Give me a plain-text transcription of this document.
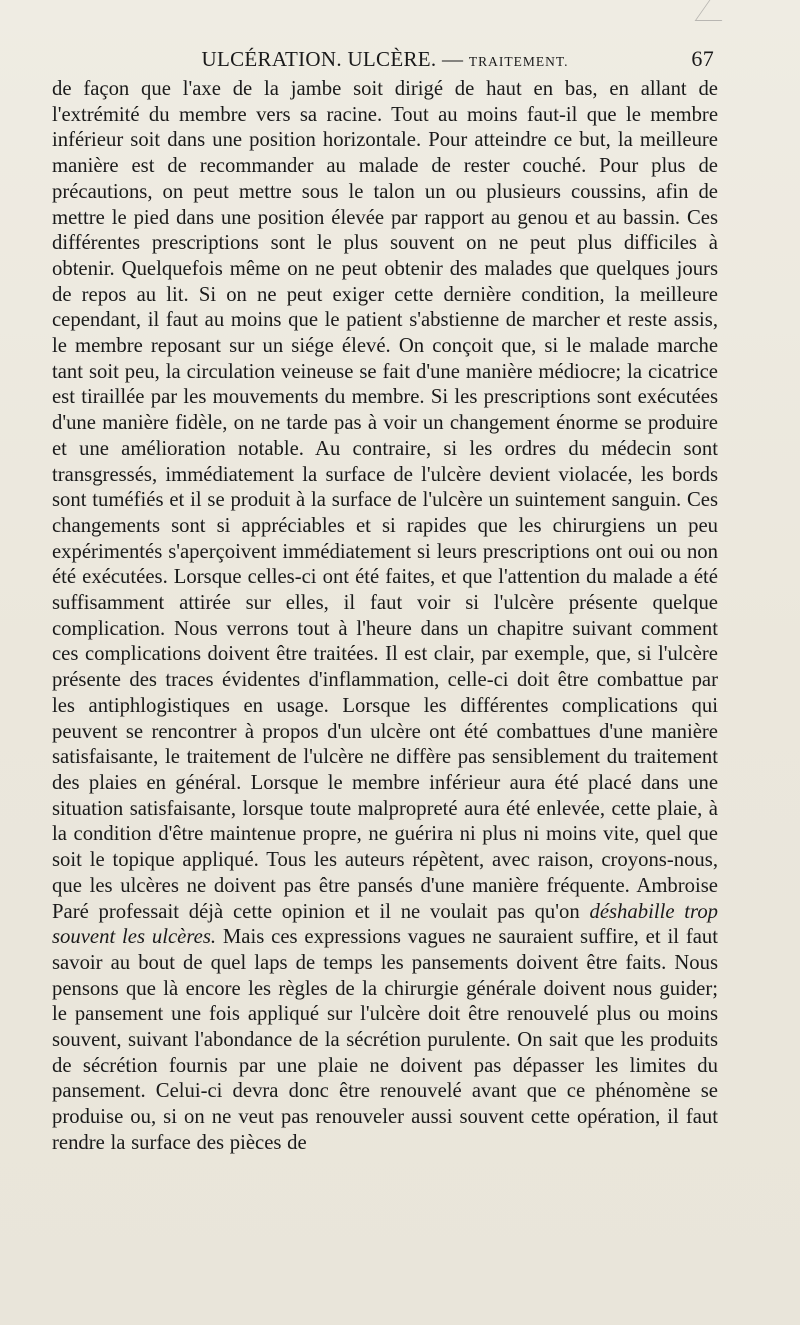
ULCÉRATION. ULCÈRE. — TRAITEMENT.	67

de façon que l'axe de la jambe soit dirigé de haut en bas, en allant de l'extrémité du membre vers sa racine. Tout au moins faut-il que le membre inférieur soit dans une position horizontale. Pour atteindre ce but, la meilleure manière est de recommander au malade de rester couché. Pour plus de précautions, on peut mettre sous le talon un ou plusieurs coussins, afin de mettre le pied dans une position élevée par rapport au genou et au bassin. Ces différentes prescriptions sont le plus souvent on ne peut plus difficiles à obtenir. Quelquefois même on ne peut obtenir des malades que quelques jours de repos au lit. Si on ne peut exiger cette dernière condition, la meilleure cependant, il faut au moins que le patient s'abstienne de marcher et reste assis, le membre reposant sur un siége élevé. On conçoit que, si le malade marche tant soit peu, la circulation veineuse se fait d'une manière médiocre; la cicatrice est tiraillée par les mouvements du membre. Si les prescriptions sont exécutées d'une manière fidèle, on ne tarde pas à voir un changement énorme se produire et une amélioration notable. Au contraire, si les ordres du médecin sont transgressés, immédiatement la surface de l'ulcère devient violacée, les bords sont tuméfiés et il se produit à la surface de l'ulcère un suintement sanguin. Ces changements sont si appréciables et si rapides que les chirurgiens un peu expérimentés s'aperçoivent immédiatement si leurs prescriptions ont oui ou non été exécutées. Lorsque celles-ci ont été faites, et que l'attention du malade a été suffisamment attirée sur elles, il faut voir si l'ulcère présente quelque complication. Nous verrons tout à l'heure dans un chapitre suivant comment ces complications doivent être traitées. Il est clair, par exemple, que, si l'ulcère présente des traces évidentes d'inflammation, celle-ci doit être combattue par les antiphlogistiques en usage. Lorsque les différentes complications qui peuvent se rencontrer à propos d'un ulcère ont été combattues d'une manière satisfaisante, le traitement de l'ulcère ne diffère pas sensiblement du traitement des plaies en général. Lorsque le membre inférieur aura été placé dans une situation satisfaisante, lorsque toute malpropreté aura été enlevée, cette plaie, à la condition d'être maintenue propre, ne guérira ni plus ni moins vite, quel que soit le topique appliqué. Tous les auteurs répètent, avec raison, croyons-nous, que les ulcères ne doivent pas être pansés d'une manière fréquente. Ambroise Paré professait déjà cette opinion et il ne voulait pas qu'on déshabille trop souvent les ulcères. Mais ces expressions vagues ne sauraient suffire, et il faut savoir au bout de quel laps de temps les pansements doivent être faits. Nous pensons que là encore les règles de la chirurgie générale doivent nous guider; le pansement une fois appliqué sur l'ulcère doit être renouvelé plus ou moins souvent, suivant l'abondance de la sécrétion purulente. On sait que les produits de sécrétion fournis par une plaie ne doivent pas dépasser les limites du pansement. Celui-ci devra donc être renouvelé avant que ce phénomène se produise ou, si on ne veut pas renouveler aussi souvent cette opération, il faut rendre la surface des pièces de
